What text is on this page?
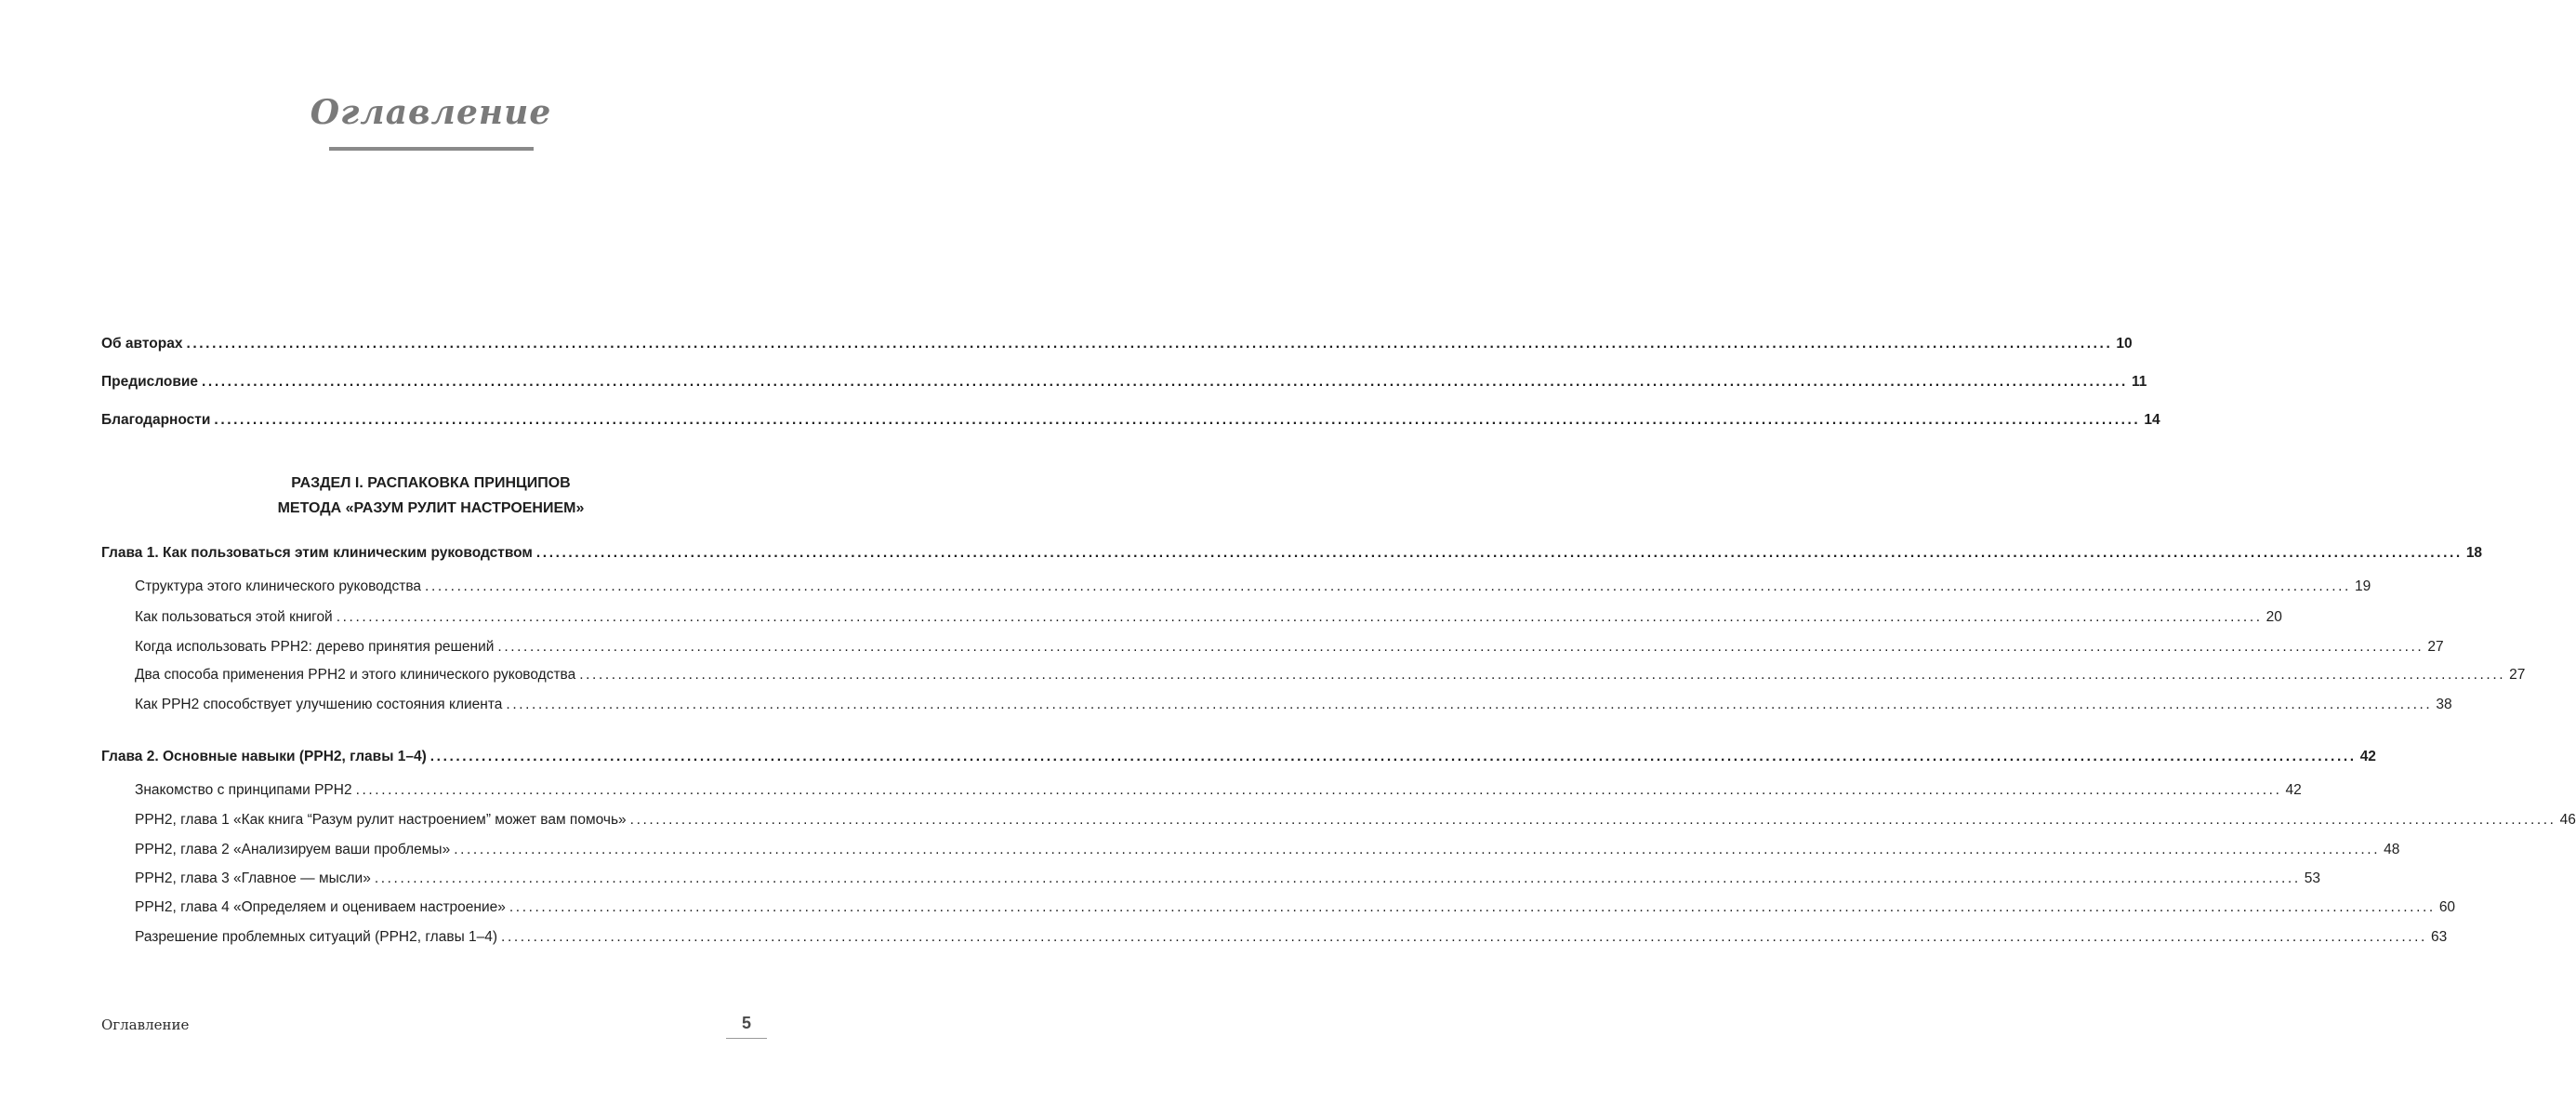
Оглавление
Об авторах ............................................................................................................................................................................................................................................................................................................ 10
Предисловие ............................................................................................................................................................................................................................................................................................................ 11
Благодарности ............................................................................................................................................................................................................................................................................................................ 14
РАЗДЕЛ I. РАСПАКОВКА ПРИНЦИПОВ
МЕТОДА «РАЗУМ РУЛИТ НАСТРОЕНИЕМ»
Глава 1. Как пользоваться этим клиническим руководством ............................................................................................................................................................................................................................................................................................................ 18
Структура этого клинического руководства ............................................................................................................................................................................................................................................................................................................ 19
Как пользоваться этой книгой ............................................................................................................................................................................................................................................................................................................ 20
Когда использовать РРН2: дерево принятия решений ............................................................................................................................................................................................................................................................................................................ 27
Два способа применения РРН2 и этого клинического руководства ............................................................................................................................................................................................................................................................................................................ 27
Как РРН2 способствует улучшению состояния клиента ............................................................................................................................................................................................................................................................................................................ 38
Глава 2. Основные навыки (РРН2, главы 1–4) ............................................................................................................................................................................................................................................................................................................ 42
Знакомство с принципами РРН2 ............................................................................................................................................................................................................................................................................................................ 42
РРН2, глава 1 «Как книга “Разум рулит настроением” может вам помочь» ............................................................................................................................................................................................................................................................................................................ 46
РРН2, глава 2 «Анализируем ваши проблемы» ............................................................................................................................................................................................................................................................................................................ 48
РРН2, глава 3 «Главное — мысли» ............................................................................................................................................................................................................................................................................................................ 53
РРН2, глава 4 «Определяем и оцениваем настроение» ............................................................................................................................................................................................................................................................................................................ 60
Разрешение проблемных ситуаций (РРН2, главы 1–4) ............................................................................................................................................................................................................................................................................................................ 63
Оглавление	5
